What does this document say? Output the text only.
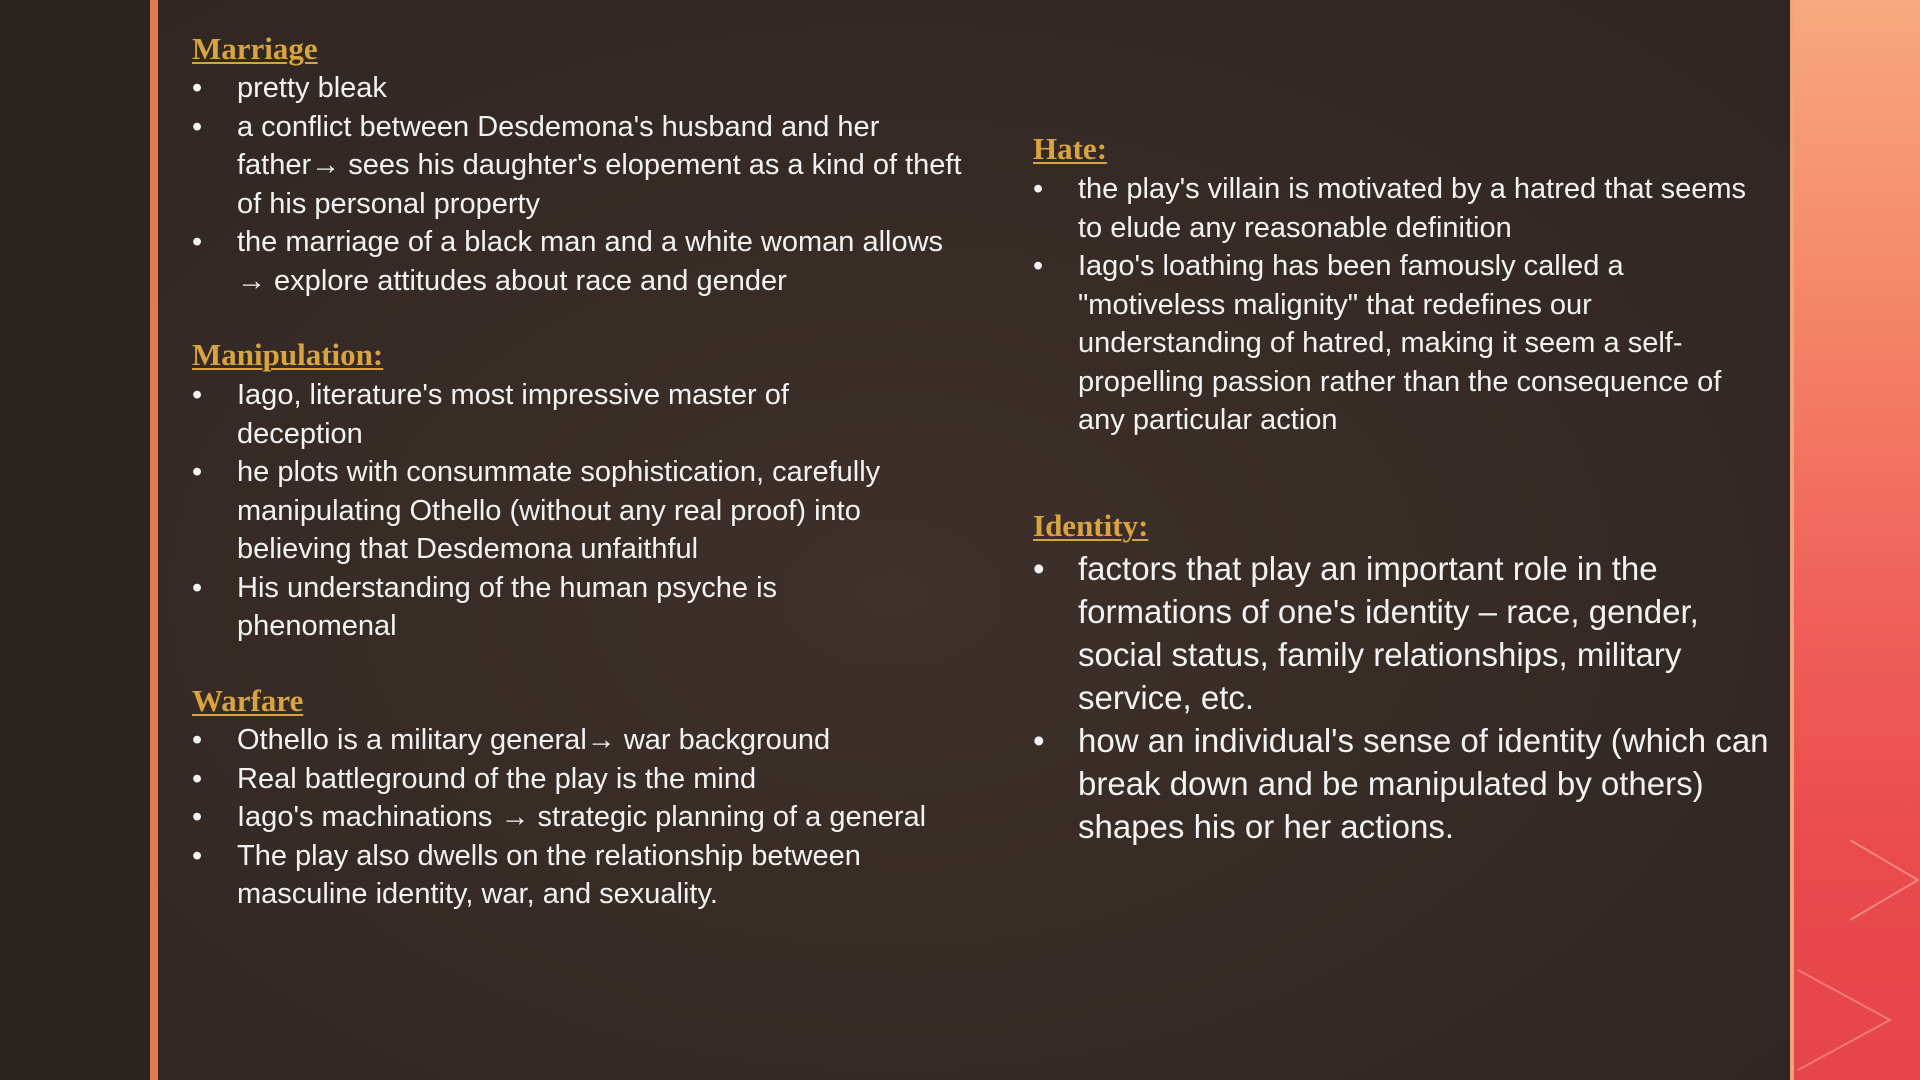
Marriage
• pretty bleak
• a conflict between Desdemona's husband and her father→ sees his daughter's elopement as a kind of theft of his personal property
• the marriage of a black man and a white woman allows → explore attitudes about race and gender
Manipulation:
• Iago, literature's most impressive master of deception
• he plots with consummate sophistication, carefully manipulating Othello (without any real proof) into believing that Desdemona unfaithful
• His understanding of the human psyche is phenomenal
Warfare
• Othello is a military general→ war background
• Real battleground of the play is the mind
• Iago's machinations → strategic planning of a general
• The play also dwells on the relationship between masculine identity, war, and sexuality.
Hate:
• the play's villain is motivated by a hatred that seems to elude any reasonable definition
• Iago's loathing has been famously called a "motiveless malignity" that redefines our understanding of hatred, making it seem a self-propelling passion rather than the consequence of any particular action
Identity:
• factors that play an important role in the formations of one's identity – race, gender, social status, family relationships, military service, etc.
• how an individual's sense of identity (which can break down and be manipulated by others) shapes his or her actions.
